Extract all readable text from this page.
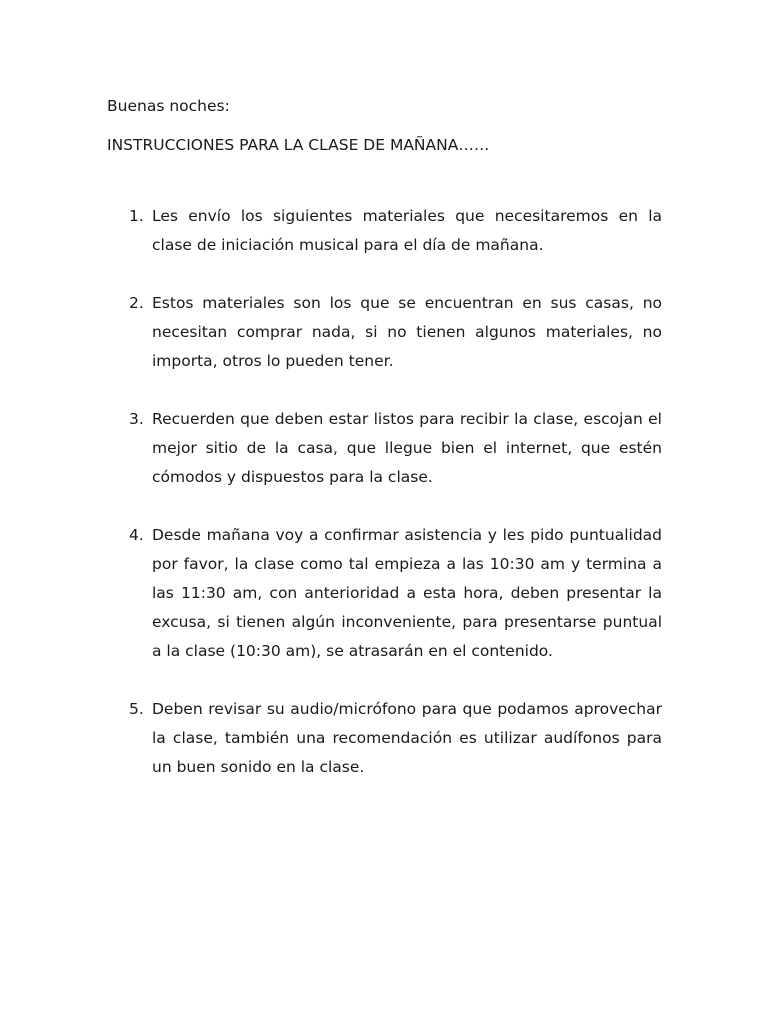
Buenas noches:
INSTRUCCIONES PARA LA CLASE DE MAÑANA……
1. Les envío los siguientes materiales que necesitaremos en la clase de iniciación musical para el día de mañana.
2. Estos materiales son los que se encuentran en sus casas, no necesitan comprar nada, si no tienen algunos materiales, no importa, otros lo pueden tener.
3. Recuerden que deben estar listos para recibir la clase, escojan el mejor sitio de la casa, que llegue bien el internet, que estén cómodos y dispuestos para la clase.
4. Desde mañana voy a confirmar asistencia y les pido puntualidad por favor, la clase como tal empieza a las 10:30 am y termina a las 11:30 am, con anterioridad a esta hora, deben presentar la excusa, si tienen algún inconveniente, para presentarse puntual a la clase (10:30 am), se atrasarán en el contenido.
5. Deben revisar su audio/micrófono para que podamos aprovechar la clase, también una recomendación es utilizar audífonos para un buen sonido en la clase.
